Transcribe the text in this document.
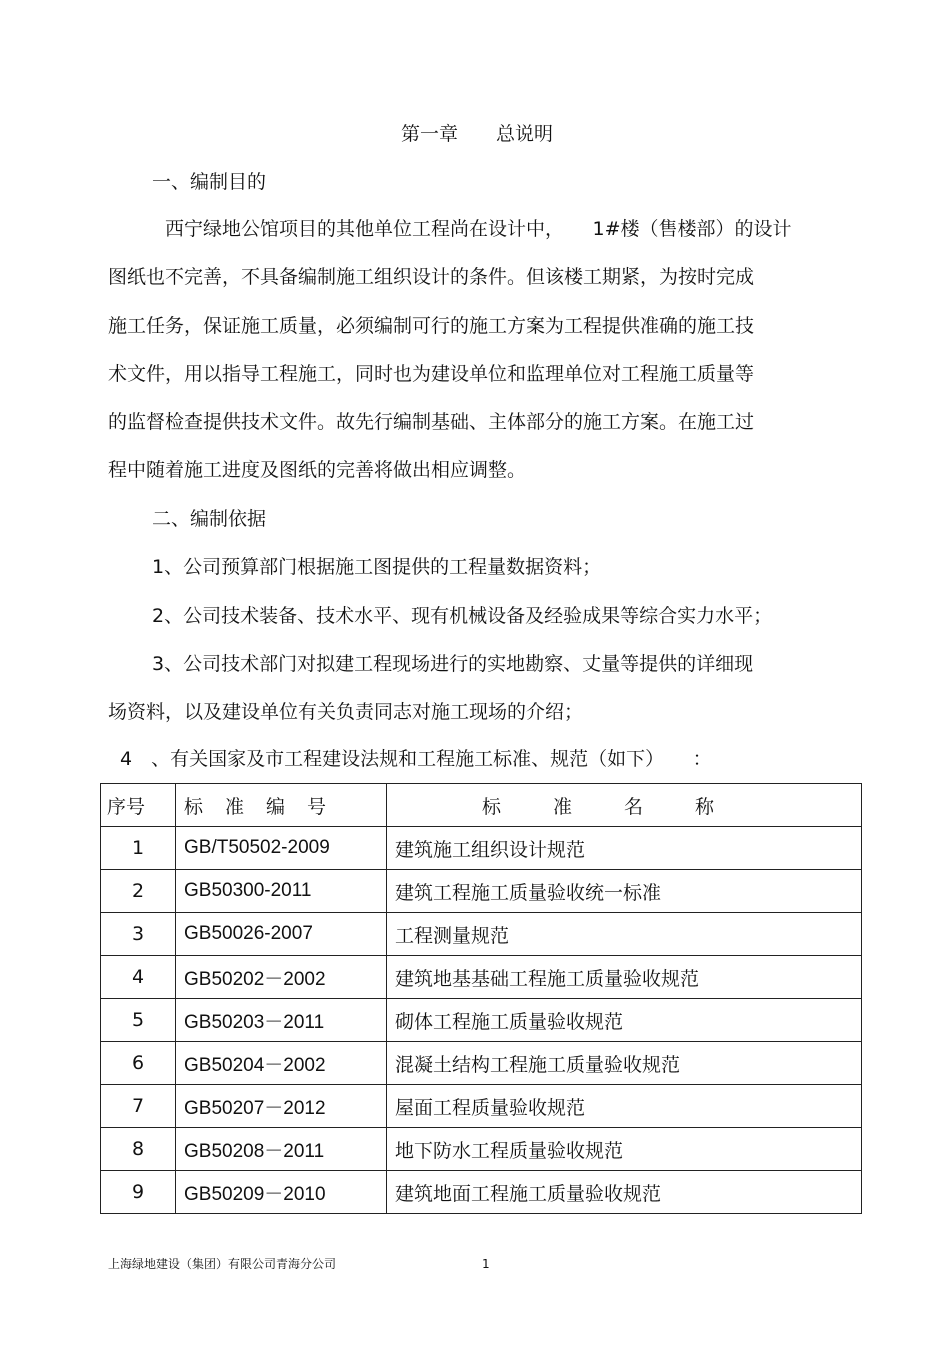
第一章　　总说明
一、编制目的
西宁绿地公馆项目的其他单位工程尚在设计中，　　1#楼（售楼部）的设计
图纸也不完善，不具备编制施工组织设计的条件。但该楼工期紧，为按时完成
施工任务，保证施工质量，必须编制可行的施工方案为工程提供准确的施工技
术文件，用以指导工程施工，同时也为建设单位和监理单位对工程施工质量等
的监督检查提供技术文件。故先行编制基础、主体部分的施工方案。在施工过
程中随着施工进度及图纸的完善将做出相应调整。
二、编制依据
1、公司预算部门根据施工图提供的工程量数据资料；
2、公司技术装备、技术水平、现有机械设备及经验成果等综合实力水平；
3、公司技术部门对拟建工程现场进行的实地勘察、丈量等提供的详细现
场资料，以及建设单位有关负责同志对施工现场的介绍；
4　、有关国家及市工程建设法规和工程施工标准、规范（如下）　　：
序号	标准编号	标准名称
1	GB/T50502-2009	建筑施工组织设计规范
2	GB50300-2011	建筑工程施工质量验收统一标准
3	GB50026-2007	工程测量规范
4	GB50202－2002	建筑地基基础工程施工质量验收规范
5	GB50203－2011	砌体工程施工质量验收规范
6	GB50204－2002	混凝土结构工程施工质量验收规范
7	GB50207－2012	屋面工程质量验收规范
8	GB50208－2011	地下防水工程质量验收规范
9	GB50209－2010	建筑地面工程施工质量验收规范
上海绿地建设（集团）有限公司青海分公司	1
